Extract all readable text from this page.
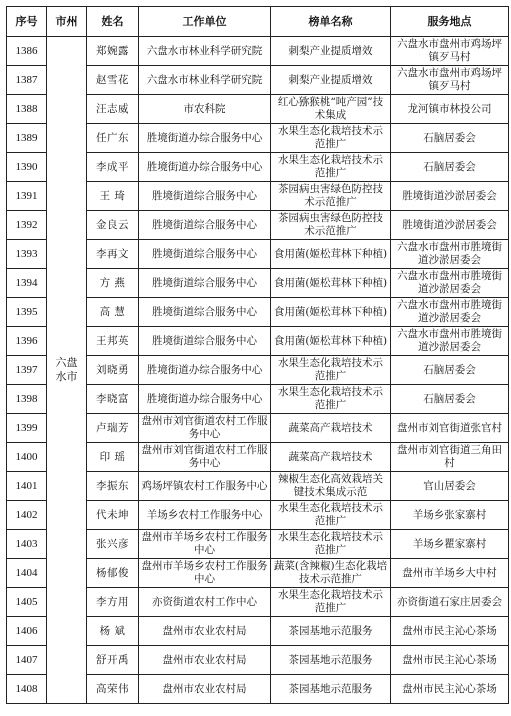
序号	市州	姓名	工作单位	榜单名称	服务地点
1386	六盘水市	郑婉露	六盘水市林业科学研究院	刺梨产业提质增效	六盘水市盘州市鸡场坪镇歹马村
1387		赵雪花	六盘水市林业科学研究院	刺梨产业提质增效	六盘水市盘州市鸡场坪镇歹马村
1388		汪志威	市农科院	红心猕猴桃“吨产园”技术集成	龙河镇市林投公司
1389		任广东	胜境街道办综合服务中心	水果生态化栽培技术示范推广	石脑居委会
1390		李成平	胜境街道办综合服务中心	水果生态化栽培技术示范推广	石脑居委会
1391		王 琦	胜境街道综合服务中心	茶园病虫害绿色防控技术示范推广	胜境街道沙淤居委会
1392		金良云	胜境街道综合服务中心	茶园病虫害绿色防控技术示范推广	胜境街道沙淤居委会
1393		李再文	胜境街道综合服务中心	食用菌(姬松茸林下种植)	六盘水市盘州市胜境街道沙淤居委会
1394		方 燕	胜境街道综合服务中心	食用菌(姬松茸林下种植)	六盘水市盘州市胜境街道沙淤居委会
1395		高 慧	胜境街道综合服务中心	食用菌(姬松茸林下种植)	六盘水市盘州市胜境街道沙淤居委会
1396		王邦英	胜境街道综合服务中心	食用菌(姬松茸林下种植)	六盘水市盘州市胜境街道沙淤居委会
1397		刘晓勇	胜境街道办综合服务中心	水果生态化栽培技术示范推广	石脑居委会
1398		李晓富	胜境街道办综合服务中心	水果生态化栽培技术示范推广	石脑居委会
1399		卢瑞芳	盘州市刘官街道农村工作服务中心	蔬菜高产栽培技术	盘州市刘官街道张官村
1400		印 瑶	盘州市刘官街道农村工作服务中心	蔬菜高产栽培技术	盘州市刘官街道三角田村
1401		李振东	鸡场坪镇农村工作服务中心	辣椒生态化高效栽培关键技术集成示范	官山居委会
1402		代未坤	羊场乡农村工作服务中心	水果生态化栽培技术示范推广	羊场乡张家寨村
1403		张兴彦	盘州市羊场乡农村工作服务中心	水果生态化栽培技术示范推广	羊场乡瞿家寨村
1404		杨郁俊	盘州市羊场乡农村工作服务中心	蔬菜(含辣椒)生态化栽培技术示范推广	盘州市羊场乡大中村
1405		李方用	亦资街道农村工作中心	水果生态化栽培技术示范推广	亦资街道石家庄居委会
1406		杨 斌	盘州市农业农村局	茶园基地示范服务	盘州市民主沁心茶场
1407		舒开禹	盘州市农业农村局	茶园基地示范服务	盘州市民主沁心茶场
1408		高荣伟	盘州市农业农村局	茶园基地示范服务	盘州市民主沁心茶场
